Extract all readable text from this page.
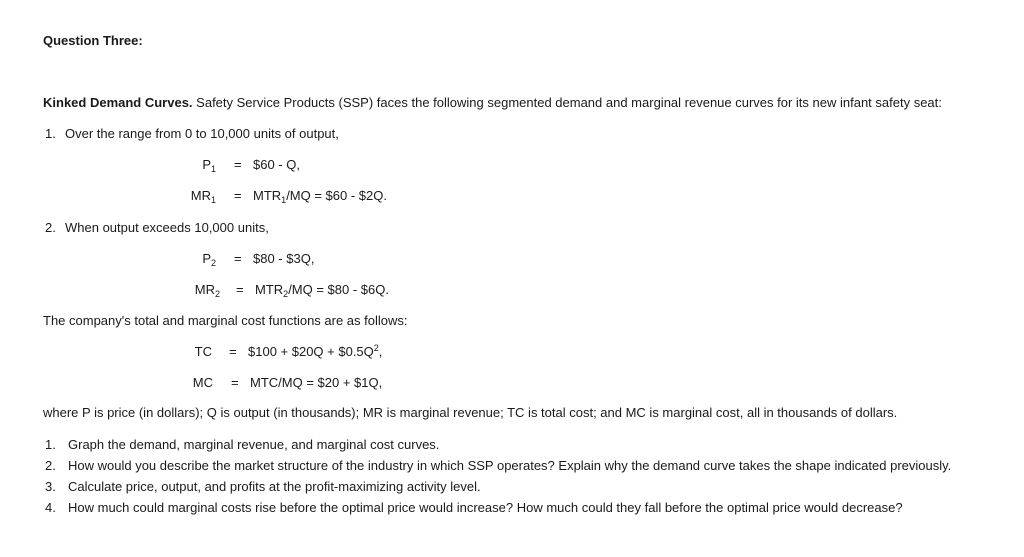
Question Three:
Kinked Demand Curves. Safety Service Products (SSP) faces the following segmented demand and marginal revenue curves for its new infant safety seat:
1. Over the range from 0 to 10,000 units of output,
$P_1$ = $60 - Q,
$MR_1 = MTR_1/MQ$ = $60 - $2Q.
2. When output exceeds 10,000 units,
$P_2$ = $80 - $3Q,
$MR_2 = MTR_2/MQ$ = $80 - $6Q.
The company's total and marginal cost functions are as follows:
TC = $100 + $20Q + $\$0.5Q^2$,
MC = MTC/MQ = $20 + $1Q,
where P is price (in dollars); Q is output (in thousands); MR is marginal revenue; TC is total cost; and MC is marginal cost, all in thousands of dollars.
1. Graph the demand, marginal revenue, and marginal cost curves.
2. How would you describe the market structure of the industry in which SSP operates? Explain why the demand curve takes the shape indicated previously.
3. Calculate price, output, and profits at the profit-maximizing activity level.
4. How much could marginal costs rise before the optimal price would increase? How much could they fall before the optimal price would decrease?
